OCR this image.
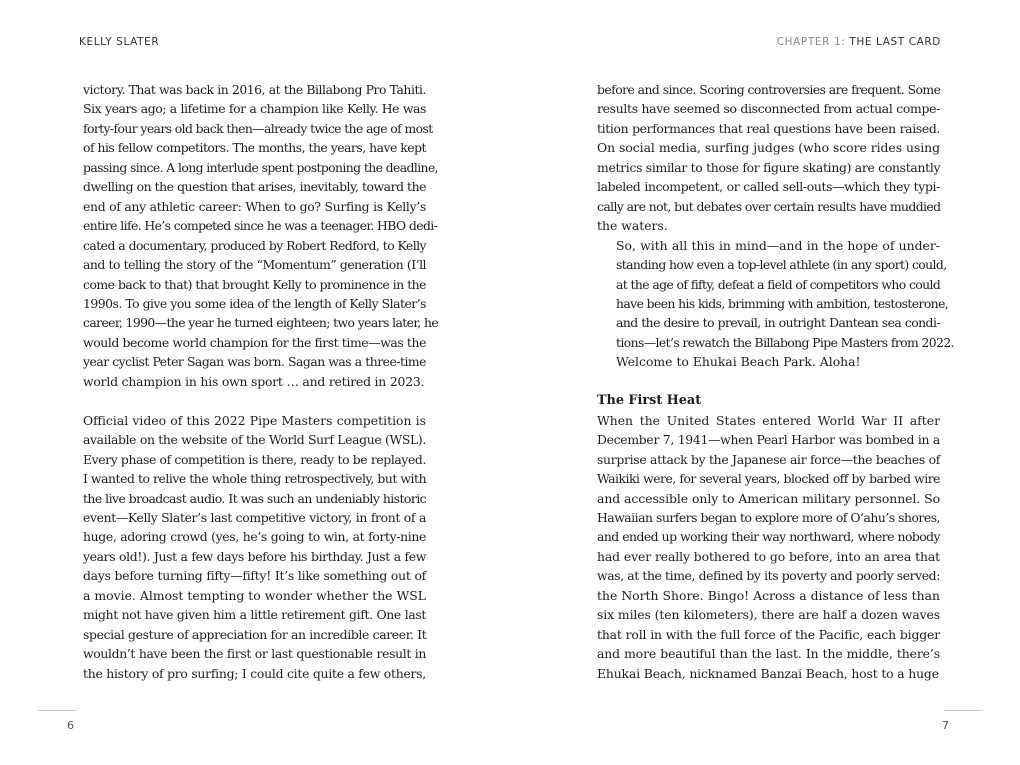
KELLY SLATER

victory. That was back in 2016, at the Billabong Pro Tahiti.
Six years ago; a lifetime for a champion like Kelly. He was
forty-four years old back then—already twice the age of most
of his fellow competitors. The months, the years, have kept
passing since. A long interlude spent postponing the deadline,
dwelling on the question that arises, inevitably, toward the
end of any athletic career: When to go? Surfing is Kelly’s
entire life. He’s competed since he was a teenager. HBO dedi-
cated a documentary, produced by Robert Redford, to Kelly
and to telling the story of the “Momentum” generation (I’ll
come back to that) that brought Kelly to prominence in the
1990s. To give you some idea of the length of Kelly Slater’s
career, 1990—the year he turned eighteen; two years later, he
would become world champion for the first time—was the
year cyclist Peter Sagan was born. Sagan was a three-time
world champion in his own sport … and retired in 2023.

Official video of this 2022 Pipe Masters competition is
available on the website of the World Surf League (WSL).
Every phase of competition is there, ready to be replayed.
I wanted to relive the whole thing retrospectively, but with
the live broadcast audio. It was such an undeniably historic
event—Kelly Slater’s last competitive victory, in front of a
huge, adoring crowd (yes, he’s going to win, at forty-nine
years old!). Just a few days before his birthday. Just a few
days before turning fifty—fifty! It’s like something out of
a movie. Almost tempting to wonder whether the WSL
might not have given him a little retirement gift. One last
special gesture of appreciation for an incredible career. It
wouldn’t have been the first or last questionable result in
the history of pro surfing; I could cite quite a few others,

6
CHAPTER 1: THE LAST CARD

before and since. Scoring controversies are frequent. Some
results have seemed so disconnected from actual compe-
tition performances that real questions have been raised.
On social media, surfing judges (who score rides using
metrics similar to those for figure skating) are constantly
labeled incompetent, or called sell-outs—which they typi-
cally are not, but debates over certain results have muddied
the waters.

So, with all this in mind—and in the hope of under-
standing how even a top-level athlete (in any sport) could,
at the age of fifty, defeat a field of competitors who could
have been his kids, brimming with ambition, testosterone,
and the desire to prevail, in outright Dantean sea condi-
tions—let’s rewatch the Billabong Pipe Masters from 2022.
Welcome to Ehukai Beach Park. Aloha!

The First Heat

When the United States entered World War II after
December 7, 1941—when Pearl Harbor was bombed in a
surprise attack by the Japanese air force—the beaches of
Waikiki were, for several years, blocked off by barbed wire
and accessible only to American military personnel. So
Hawaiian surfers began to explore more of O‘ahu’s shores,
and ended up working their way northward, where nobody
had ever really bothered to go before, into an area that
was, at the time, defined by its poverty and poorly served:
the North Shore. Bingo! Across a distance of less than
six miles (ten kilometers), there are half a dozen waves
that roll in with the full force of the Pacific, each bigger
and more beautiful than the last. In the middle, there’s
Ehukai Beach, nicknamed Banzai Beach, host to a huge

7
